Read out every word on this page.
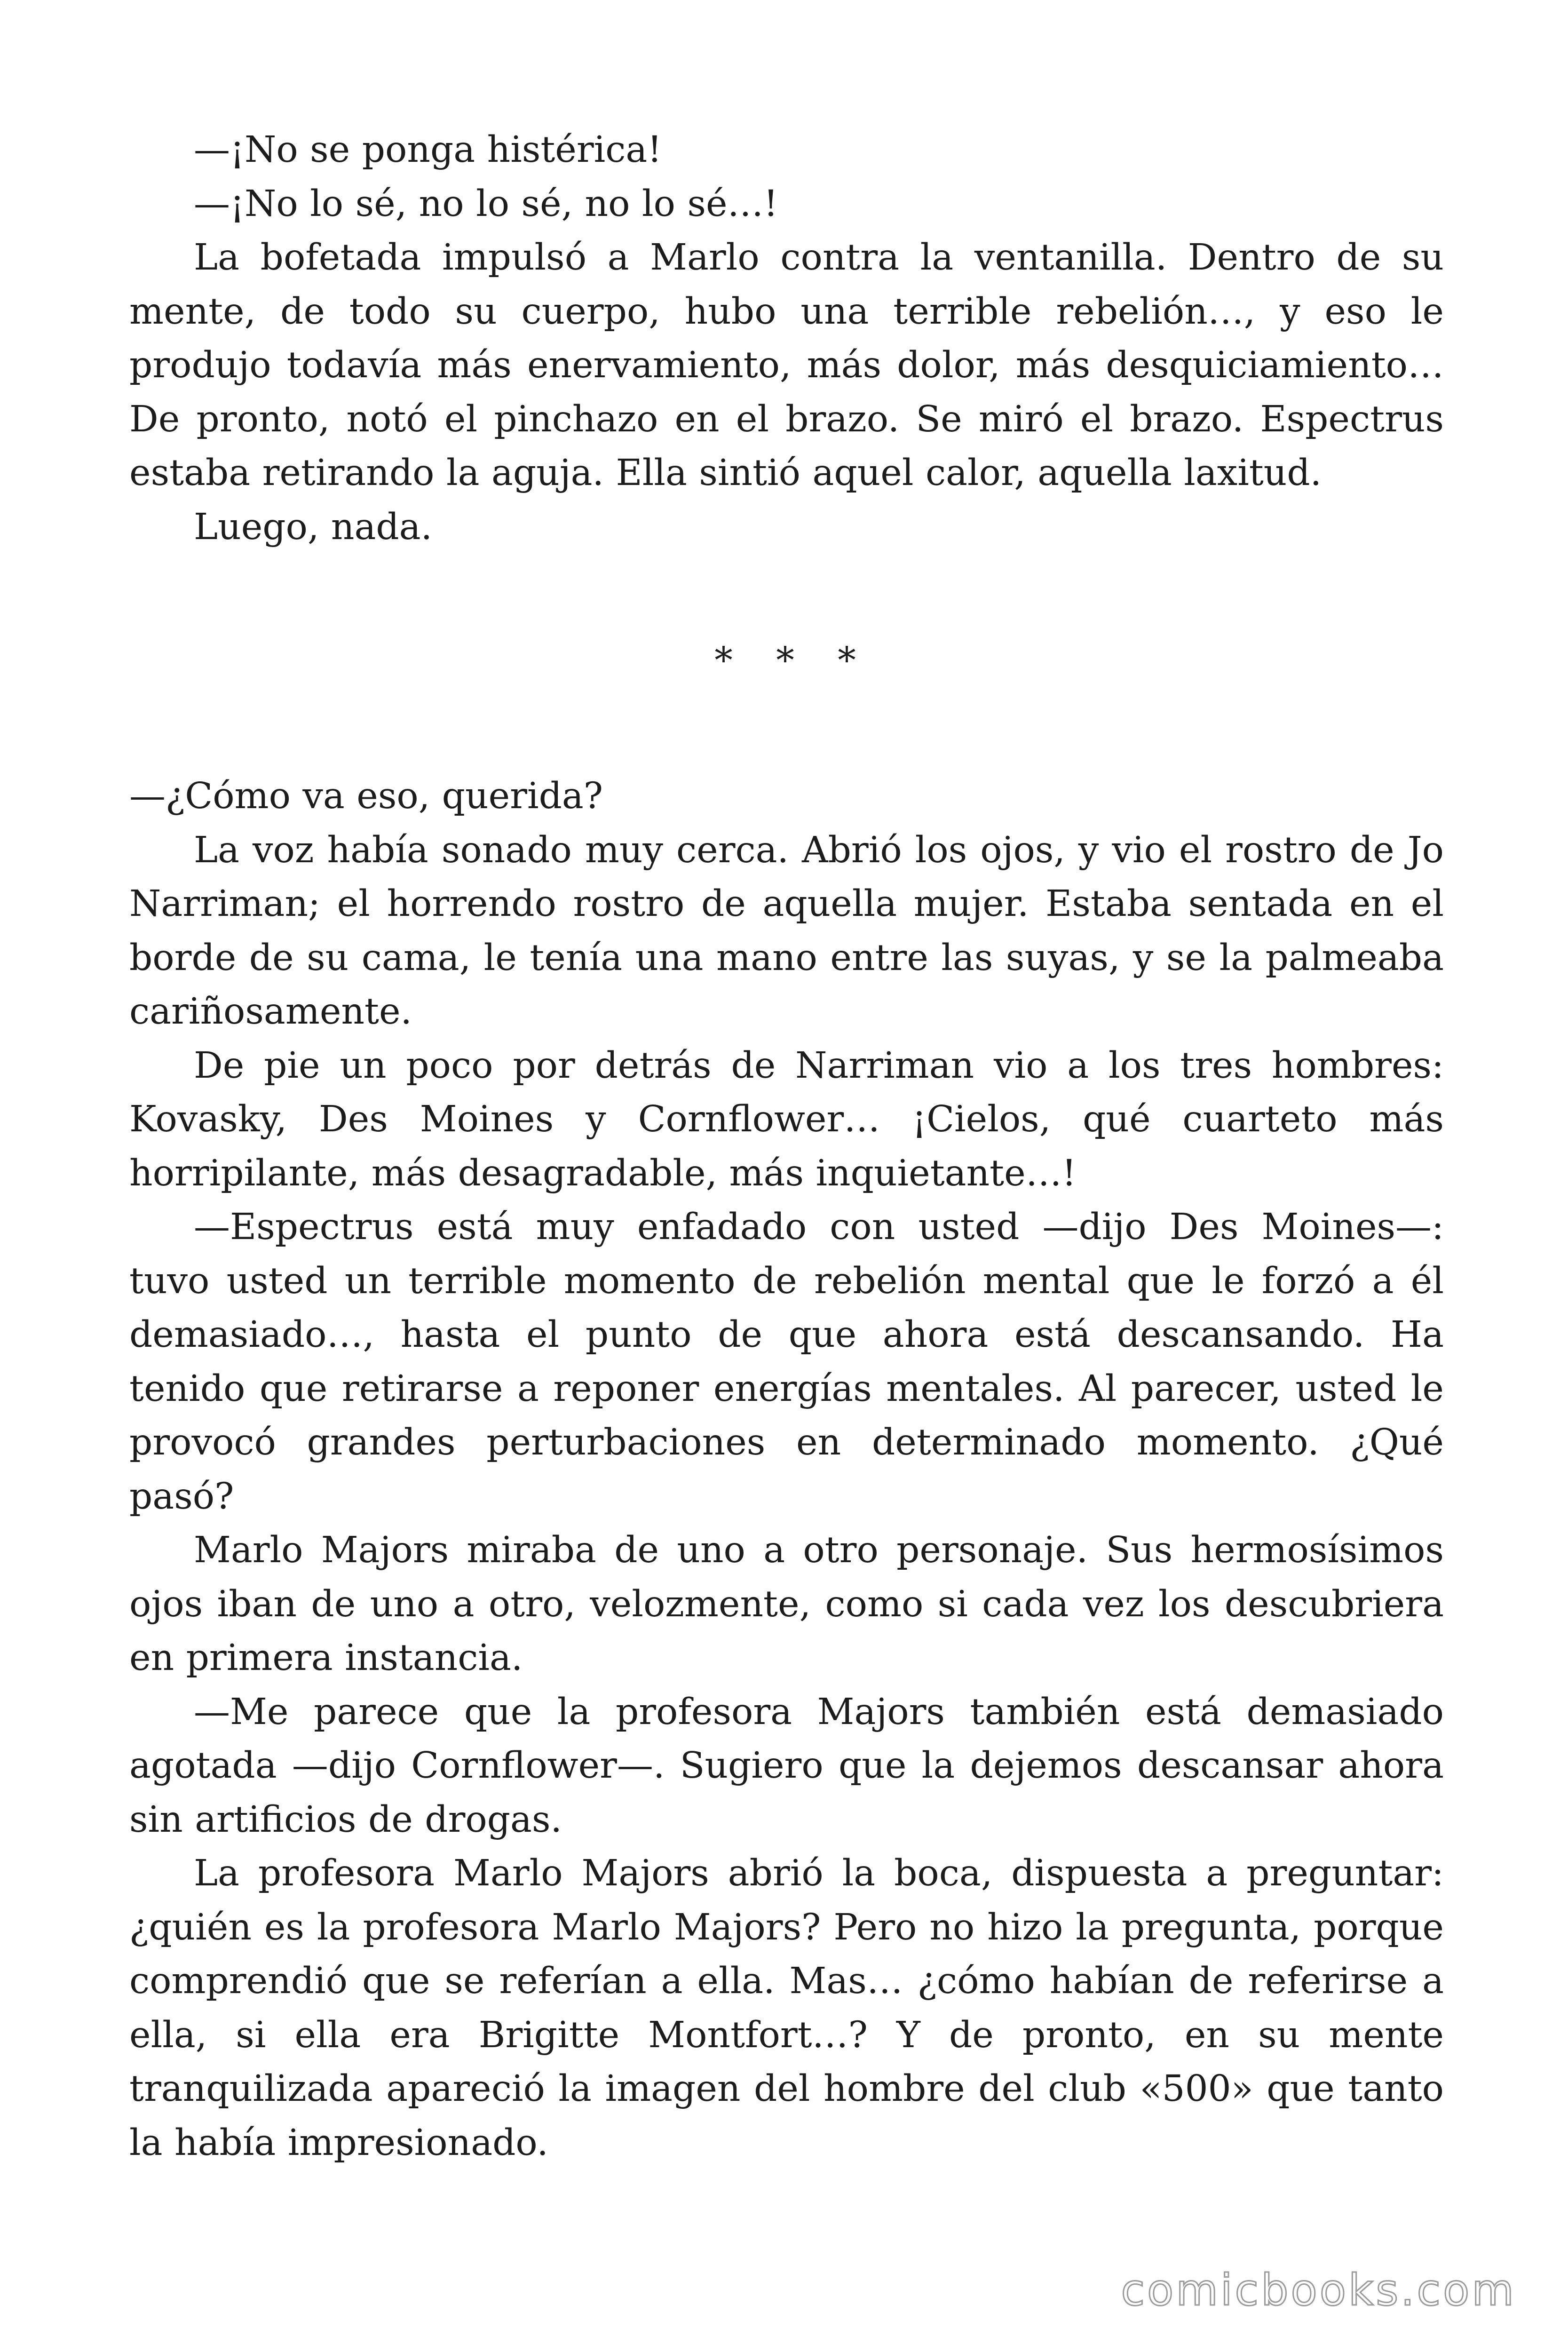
—¡No se ponga histérica!

—¡No lo sé, no lo sé, no lo sé…!

La bofetada impulsó a Marlo contra la ventanilla. Dentro de su mente, de todo su cuerpo, hubo una terrible rebelión…, y eso le produjo todavía más enervamiento, más dolor, más desquiciamiento… De pronto, notó el pinchazo en el brazo. Se miró el brazo. Espectrus estaba retirando la aguja. Ella sintió aquel calor, aquella laxitud.

Luego, nada.

* * *

—¿Cómo va eso, querida?

La voz había sonado muy cerca. Abrió los ojos, y vio el rostro de Jo Narriman; el horrendo rostro de aquella mujer. Estaba sentada en el borde de su cama, le tenía una mano entre las suyas, y se la palmeaba cariñosamente.

De pie un poco por detrás de Narriman vio a los tres hombres: Kovasky, Des Moines y Cornflower… ¡Cielos, qué cuarteto más horripilante, más desagradable, más inquietante…!

—Espectrus está muy enfadado con usted —dijo Des Moines—: tuvo usted un terrible momento de rebelión mental que le forzó a él demasiado…, hasta el punto de que ahora está descansando. Ha tenido que retirarse a reponer energías mentales. Al parecer, usted le provocó grandes perturbaciones en determinado momento. ¿Qué pasó?

Marlo Majors miraba de uno a otro personaje. Sus hermosísimos ojos iban de uno a otro, velozmente, como si cada vez los descubriera en primera instancia.

—Me parece que la profesora Majors también está demasiado agotada —dijo Cornflower—. Sugiero que la dejemos descansar ahora sin artificios de drogas.

La profesora Marlo Majors abrió la boca, dispuesta a preguntar: ¿quién es la profesora Marlo Majors? Pero no hizo la pregunta, porque comprendió que se referían a ella. Mas… ¿cómo habían de referirse a ella, si ella era Brigitte Montfort…? Y de pronto, en su mente tranquilizada apareció la imagen del hombre del club «500» que tanto la había impresionado.

comicbooks.com
